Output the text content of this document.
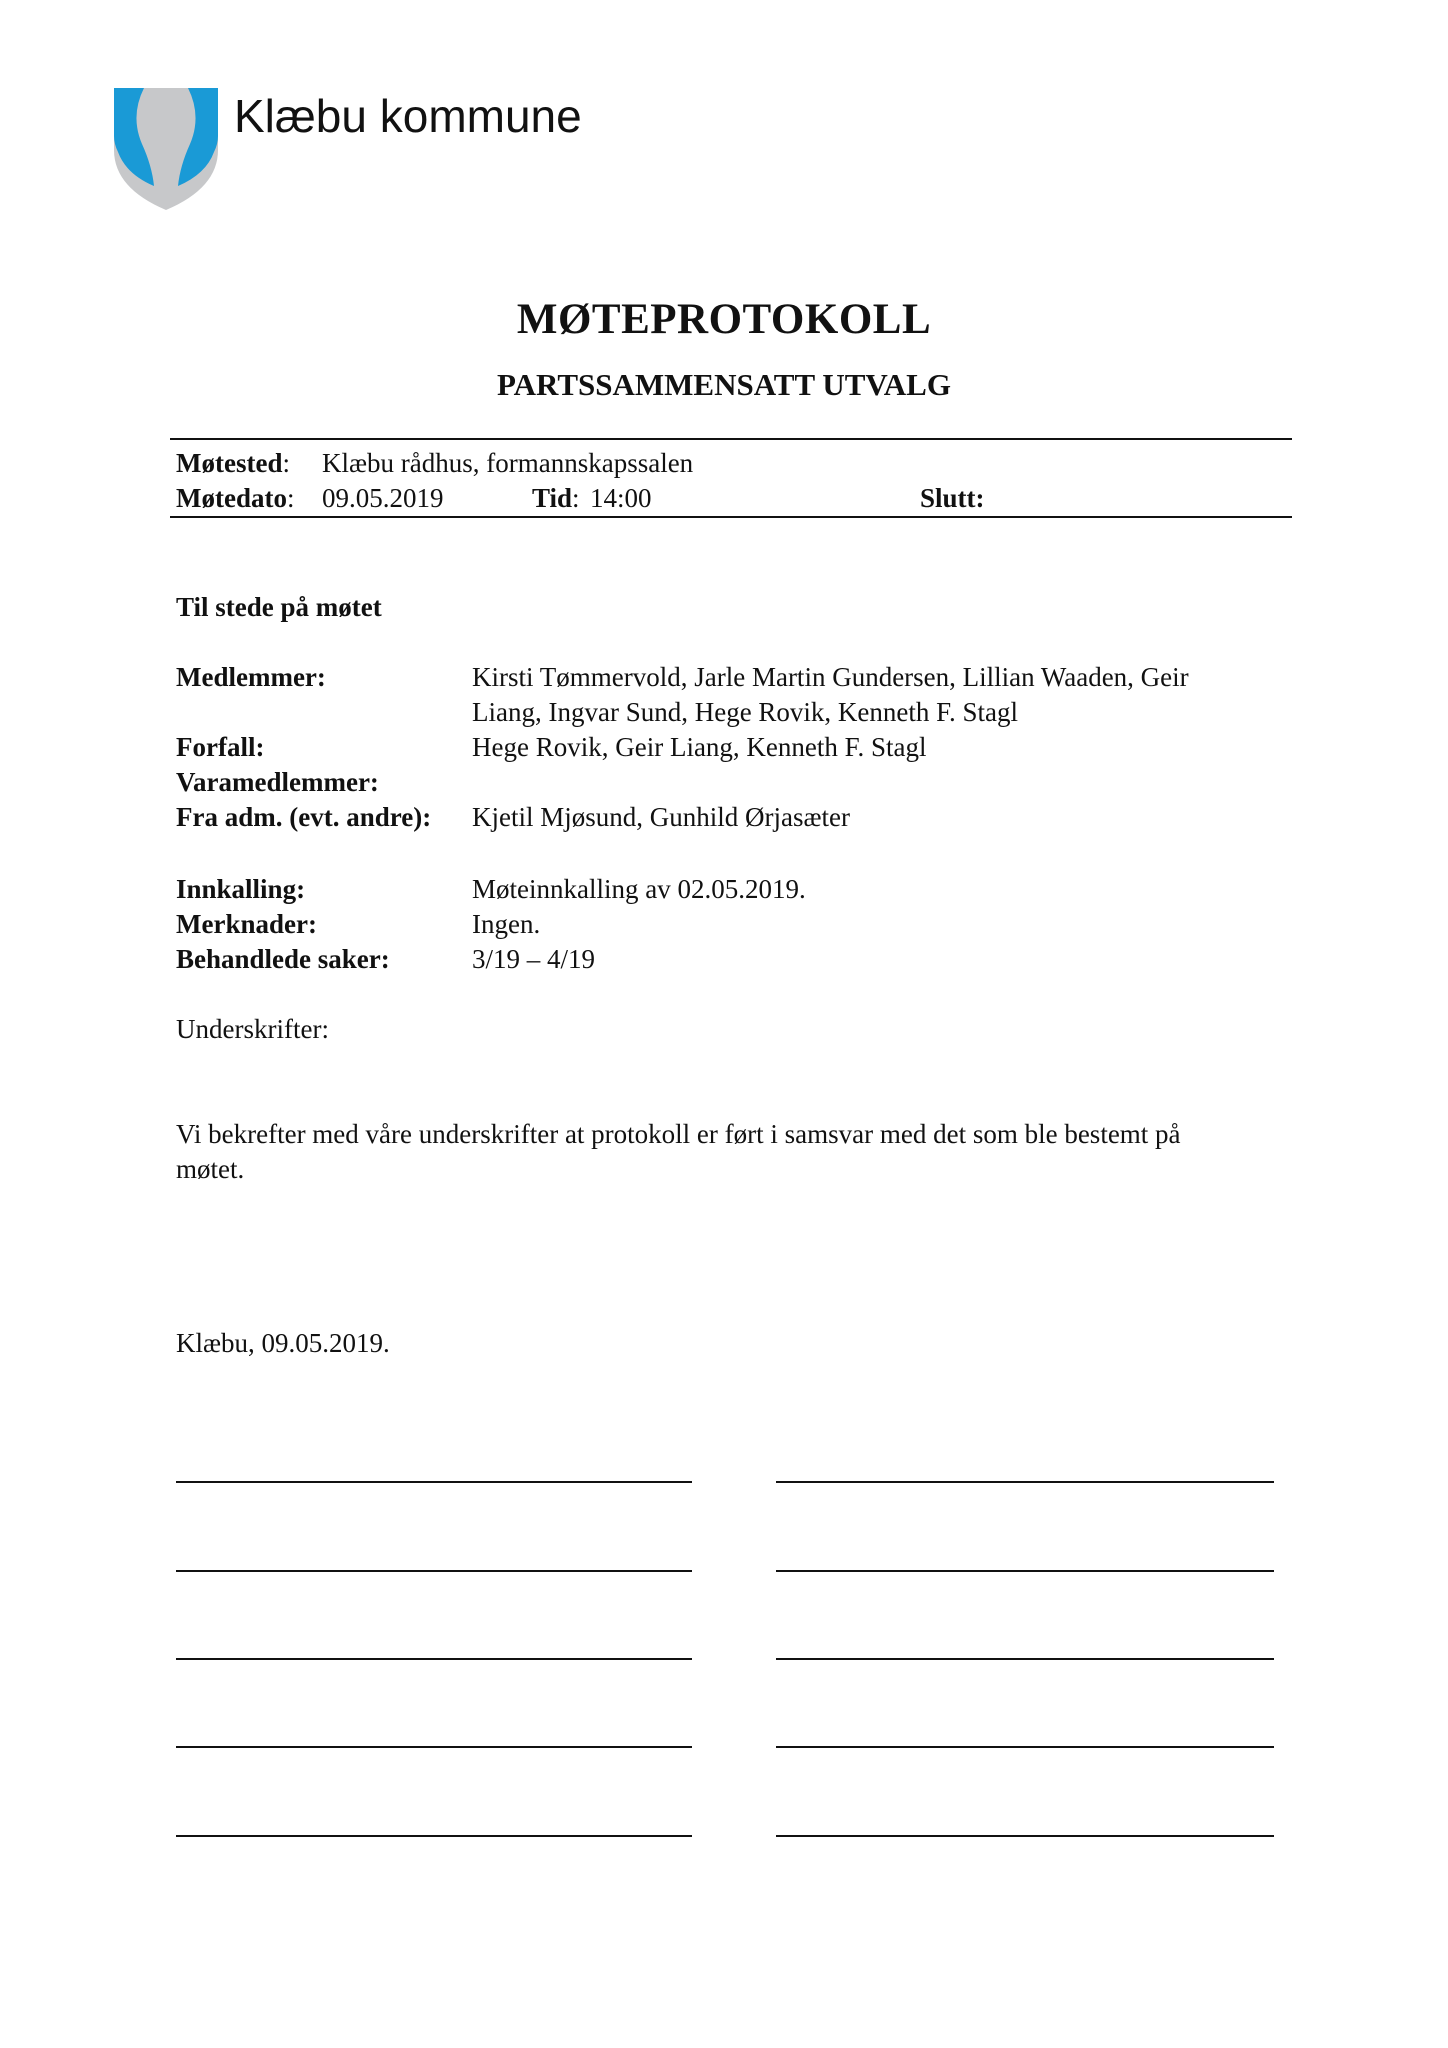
Klæbu kommune
MØTEPROTOKOLL
PARTSSAMMENSATT UTVALG
Møtested: Klæbu rådhus, formannskapssalen
Møtedato: 09.05.2019	Tid: 14:00	Slutt:
Til stede på møtet
Medlemmer:	Kirsti Tømmervold, Jarle Martin Gundersen, Lillian Waaden, Geir
Liang, Ingvar Sund, Hege Rovik, Kenneth F. Stagl
Forfall:	Hege Rovik, Geir Liang, Kenneth F. Stagl
Varamedlemmer:
Fra adm. (evt. andre):	Kjetil Mjøsund, Gunhild Ørjasæter
Innkalling:	Møteinnkalling av 02.05.2019.
Merknader:	Ingen.
Behandlede saker:	3/19 – 4/19
Underskrifter:
Vi bekrefter med våre underskrifter at protokoll er ført i samsvar med det som ble bestemt på
møtet.
Klæbu, 09.05.2019.
